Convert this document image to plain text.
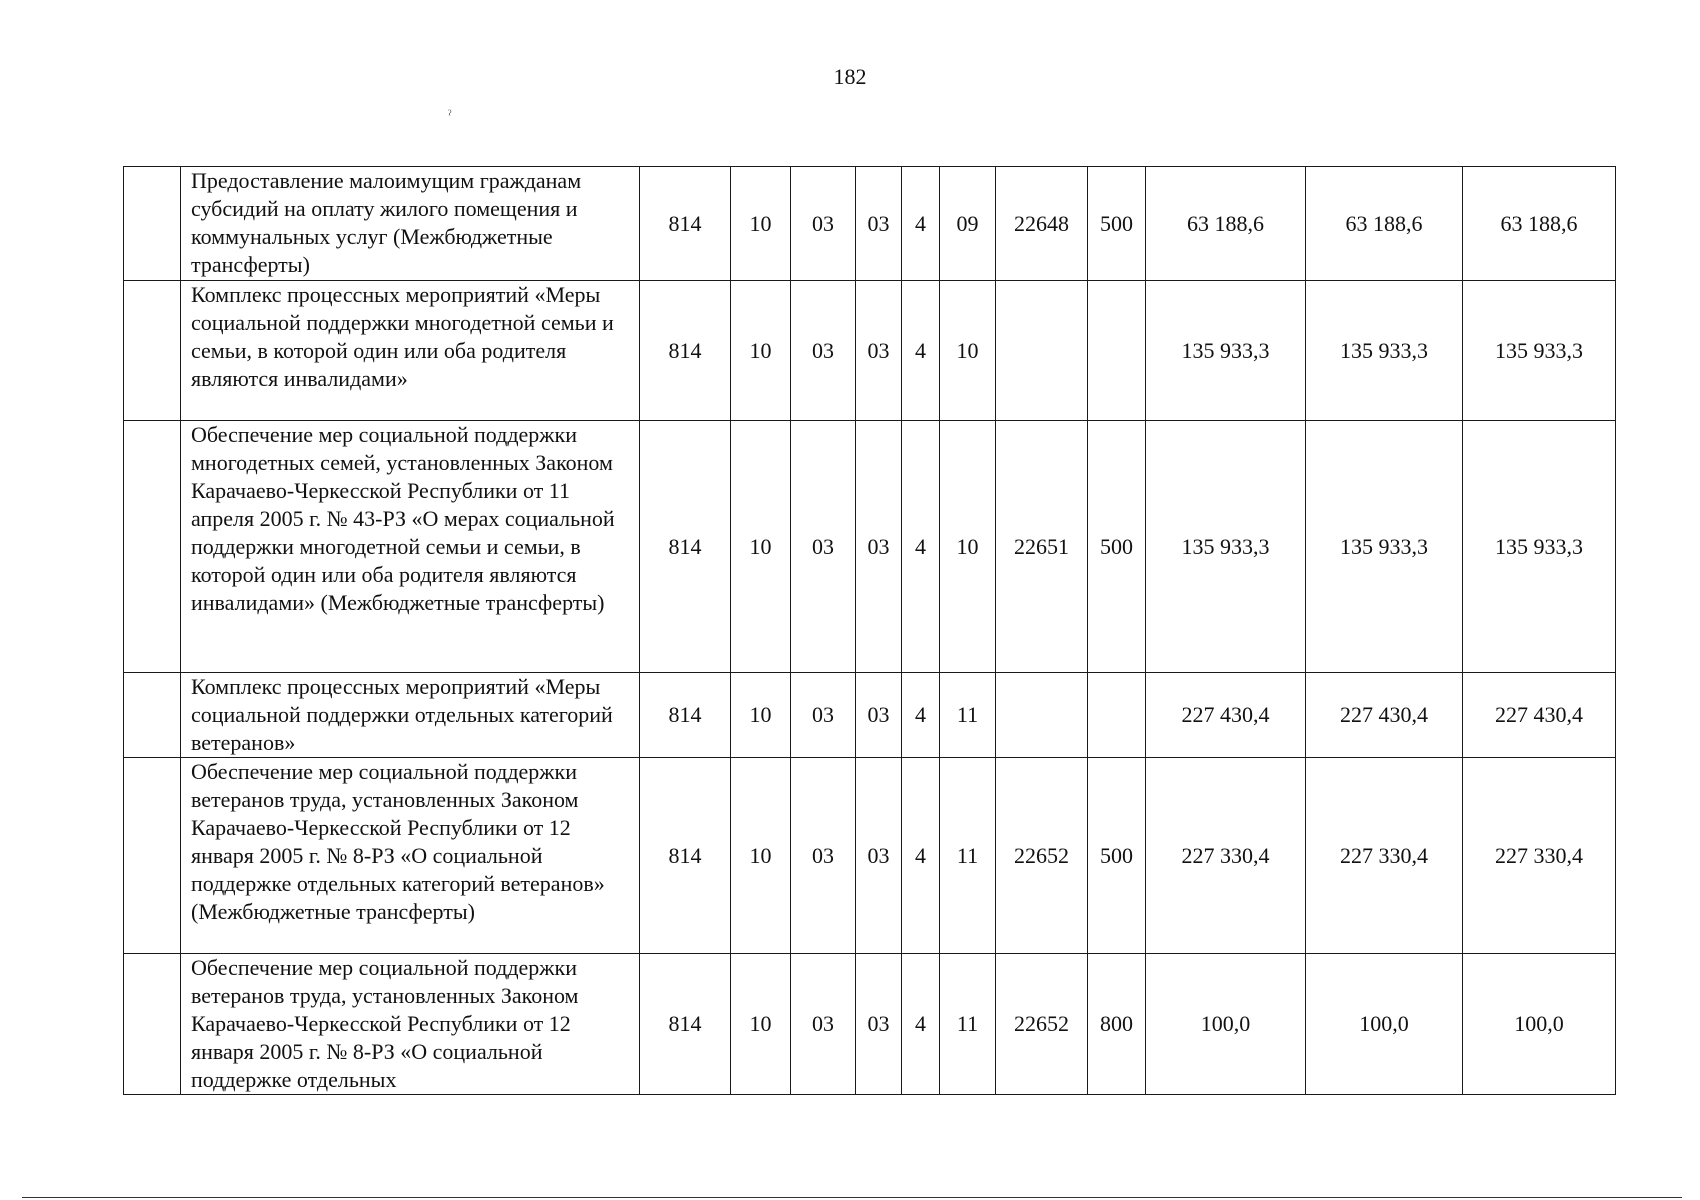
182
ˀ
	Предоставление малоимущим гражданам субсидий на оплату жилого помещения и коммунальных услуг (Межбюджетные трансферты)	814	10	03	03	4	09	22648	500	63 188,6	63 188,6	63 188,6
	Комплекс процессных мероприятий «Меры социальной поддержки многодетной семьи и семьи, в которой один или оба родителя являются инвалидами»	814	10	03	03	4	10			135 933,3	135 933,3	135 933,3
	Обеспечение мер социальной поддержки многодетных семей, установленных Законом Карачаево-Черкесской Республики от 11 апреля 2005 г. № 43-РЗ «О мерах социальной поддержки многодетной семьи и семьи, в которой один или оба родителя являются инвалидами» (Межбюджетные трансферты)	814	10	03	03	4	10	22651	500	135 933,3	135 933,3	135 933,3
	Комплекс процессных мероприятий «Меры социальной поддержки отдельных категорий ветеранов»	814	10	03	03	4	11			227 430,4	227 430,4	227 430,4
	Обеспечение мер социальной поддержки ветеранов труда, установленных Законом Карачаево-Черкесской Республики от 12 января 2005 г. № 8-РЗ «О социальной поддержке отдельных категорий ветеранов» (Межбюджетные трансферты)	814	10	03	03	4	11	22652	500	227 330,4	227 330,4	227 330,4
	Обеспечение мер социальной поддержки ветеранов труда, установленных Законом Карачаево-Черкесской Республики от 12 января 2005 г. № 8-РЗ «О социальной поддержке отдельных	814	10	03	03	4	11	22652	800	100,0	100,0	100,0
